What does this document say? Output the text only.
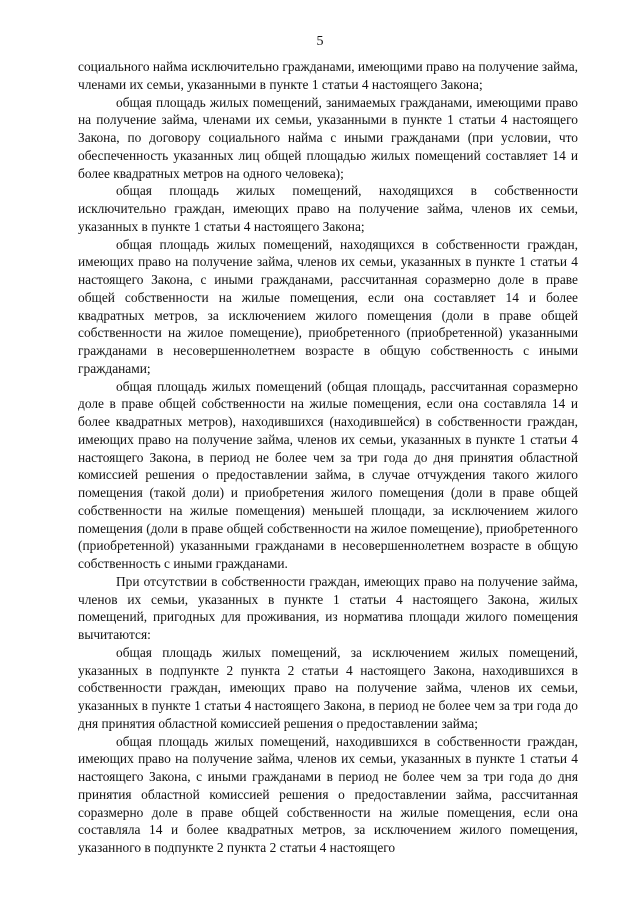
5

социального найма исключительно гражданами, имеющими право на получение займа, членами их семьи, указанными в пункте 1 статьи 4 настоящего Закона;

общая площадь жилых помещений, занимаемых гражданами, имеющими право на получение займа, членами их семьи, указанными в пункте 1 статьи 4 настоящего Закона, по договору социального найма с иными гражданами (при условии, что обеспеченность указанных лиц общей площадью жилых помещений составляет 14 и более квадратных метров на одного человека);

общая площадь жилых помещений, находящихся в собственности исключительно граждан, имеющих право на получение займа, членов их семьи, указанных в пункте 1 статьи 4 настоящего Закона;

общая площадь жилых помещений, находящихся в собственности граждан, имеющих право на получение займа, членов их семьи, указанных в пункте 1 статьи 4 настоящего Закона, с иными гражданами, рассчитанная соразмерно доле в праве общей собственности на жилые помещения, если она составляет 14 и более квадратных метров, за исключением жилого помещения (доли в праве общей собственности на жилое помещение), приобретенного (приобретенной) указанными гражданами в несовершеннолетнем возрасте в общую собственность с иными гражданами;

общая площадь жилых помещений (общая площадь, рассчитанная соразмерно доле в праве общей собственности на жилые помещения, если она составляла 14 и более квадратных метров), находившихся (находившейся) в собственности граждан, имеющих право на получение займа, членов их семьи, указанных в пункте 1 статьи 4 настоящего Закона, в период не более чем за три года до дня принятия областной комиссией решения о предоставлении займа, в случае отчуждения такого жилого помещения (такой доли) и приобретения жилого помещения (доли в праве общей собственности на жилые помещения) меньшей площади, за исключением жилого помещения (доли в праве общей собственности на жилое помещение), приобретенного (приобретенной) указанными гражданами в несовершеннолетнем возрасте в общую собственность с иными гражданами.

При отсутствии в собственности граждан, имеющих право на получение займа, членов их семьи, указанных в пункте 1 статьи 4 настоящего Закона, жилых помещений, пригодных для проживания, из норматива площади жилого помещения вычитаются:

общая площадь жилых помещений, за исключением жилых помещений, указанных в подпункте 2 пункта 2 статьи 4 настоящего Закона, находившихся в собственности граждан, имеющих право на получение займа, членов их семьи, указанных в пункте 1 статьи 4 настоящего Закона, в период не более чем за три года до дня принятия областной комиссией решения о предоставлении займа;

общая площадь жилых помещений, находившихся в собственности граждан, имеющих право на получение займа, членов их семьи, указанных в пункте 1 статьи 4 настоящего Закона, с иными гражданами в период не более чем за три года до дня принятия областной комиссией решения о предоставлении займа, рассчитанная соразмерно доле в праве общей собственности на жилые помещения, если она составляла 14 и более квадратных метров, за исключением жилого помещения, указанного в подпункте 2 пункта 2 статьи 4 настоящего
